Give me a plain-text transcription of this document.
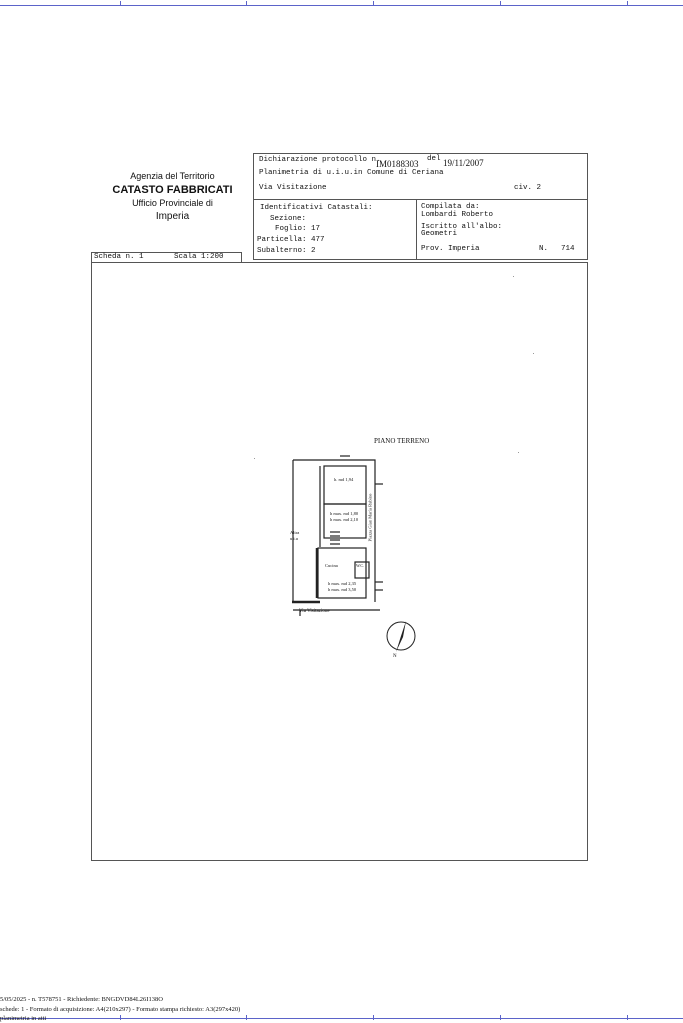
Agenzia del Territorio
CATASTO FABBRICATI
Ufficio Provinciale di
Imperia
Scheda n. 1	Scala 1:200
Dichiarazione protocollo n.
IM0188303 del 19/11/2007
Planimetria di u.i.u.in Comune di Ceriana
Via Visitazione	civ. 2
Identificativi Catastali:
Sezione:
Foglio: 17
Particella: 477
Subalterno: 2
Compilata da:
Lombardi Roberto
Iscritto all'albo:
Geometri
Prov. Imperia	N. 714
PIANO TERRENO
h. md 1,94
h max. md 1,80
h max. md 2,10
Cucina	W.C.
h max. md 2,35
h max. md 3,50
Altra
u.i.u	Piazza Gian Maria Rubino
Via Visitazione
N
5/05/2025 - n. T578751 - Richiedente: BNGDVD84L26I138O
schede: 1 - Formato di acquisizione: A4(210x297) - Formato stampa richiesto: A3(297x420)
planimetria in atti
